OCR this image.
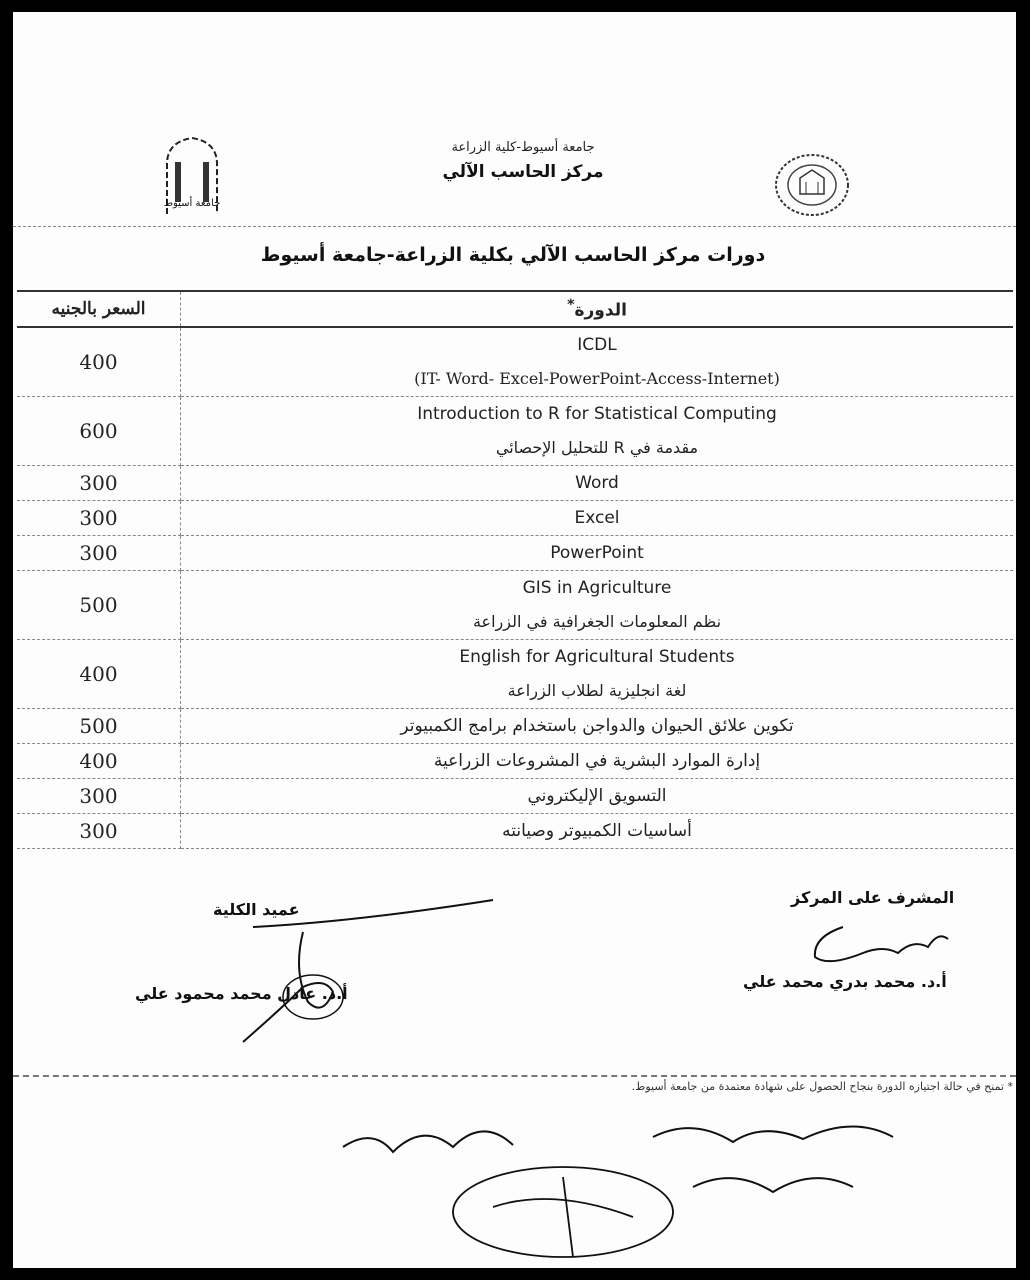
جامعة أسيوط
جامعة أسيوط-كلية الزراعة
مركز الحاسب الآلي
دورات مركز الحاسب الآلي بكلية الزراعة-جامعة أسيوط
السعر بالجنيه	الدورة*
400	ICDL
(IT- Word- Excel-PowerPoint-Access-Internet)

600	Introduction to R for Statistical Computing
مقدمة في R للتحليل الإحصائي

300	Word

300	Excel

300	PowerPoint

500	GIS in Agriculture
نظم المعلومات الجغرافية في الزراعة

400	English for Agricultural Students
لغة انجليزية لطلاب الزراعة

500	تكوين علائق الحيوان والدواجن باستخدام برامج الكمبيوتر

400	إدارة الموارد البشرية في المشروعات الزراعية

300	التسويق الإليكتروني

300	أساسيات الكمبيوتر وصيانته
المشرف على المركز
أ.د. محمد بدري محمد علي
عميد الكلية
أ.د. عادل محمد محمود علي
* تمنح في حالة اجتيازه الدورة بنجاح الحصول على شهادة معتمدة من جامعة أسيوط.
